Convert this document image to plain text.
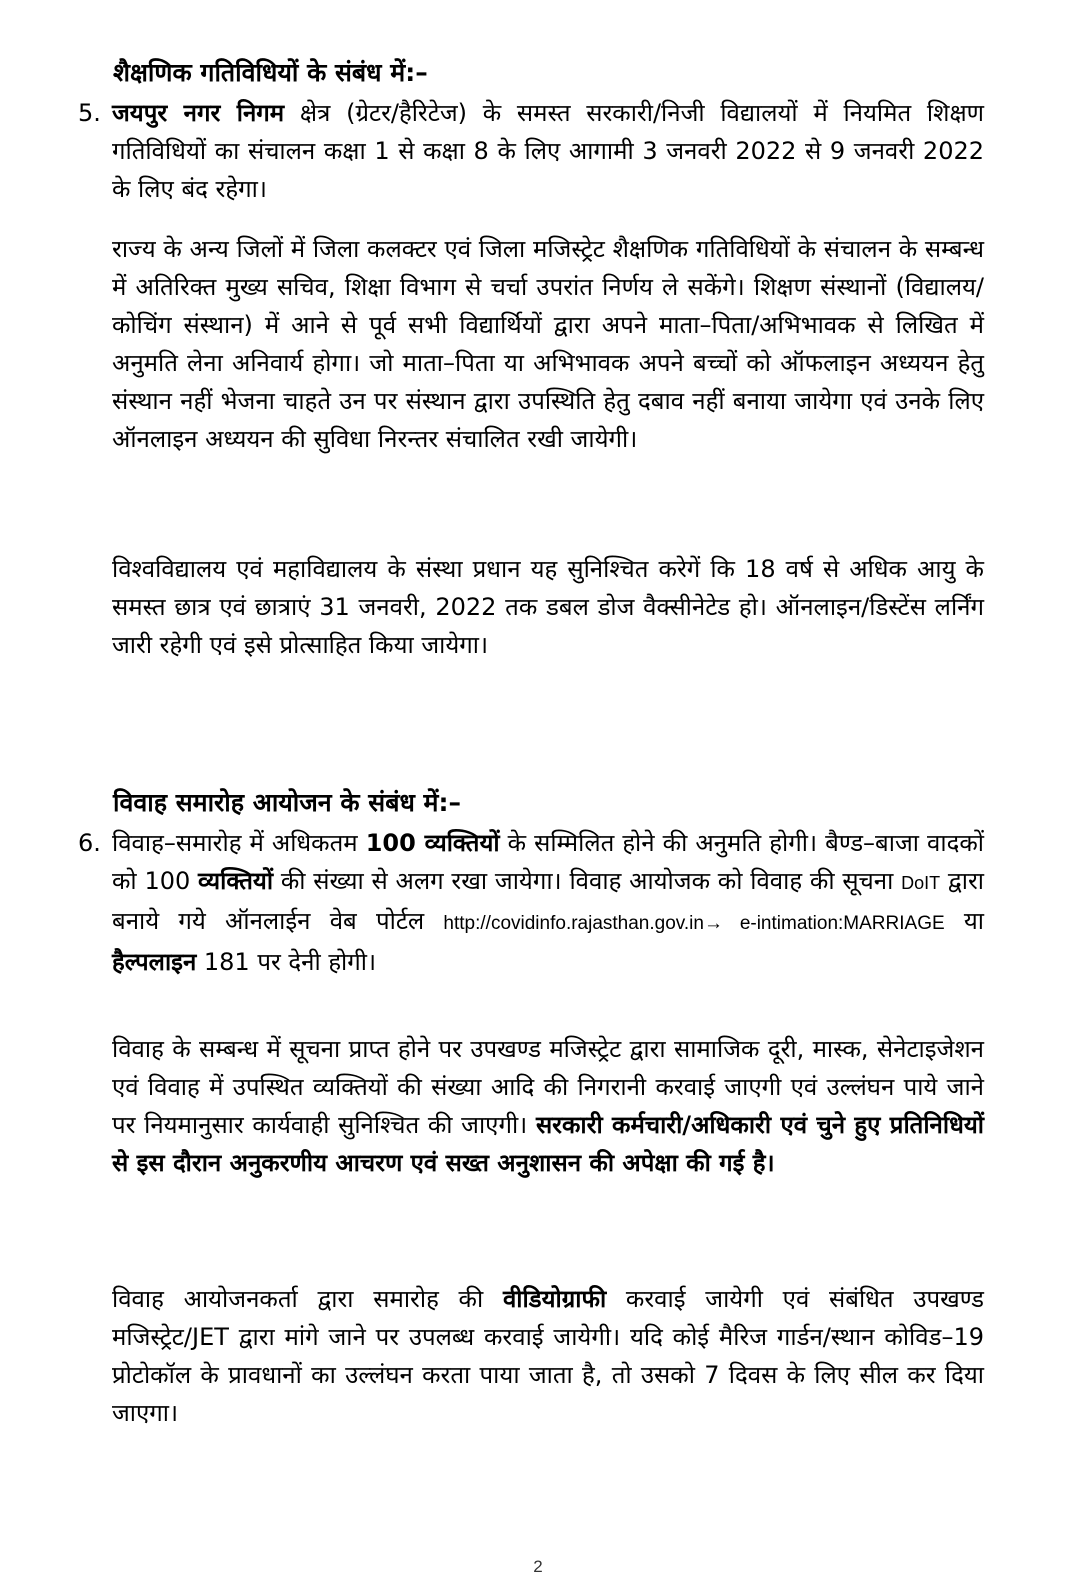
शैक्षणिक गतिविधियों के संबंध में:–
5. जयपुर नगर निगम क्षेत्र (ग्रेटर/हैरिटेज) के समस्त सरकारी/निजी विद्यालयों में नियमित शिक्षण गतिविधियों का संचालन कक्षा 1 से कक्षा 8 के लिए आगामी 3 जनवरी 2022 से 9 जनवरी 2022 के लिए बंद रहेगा।

राज्य के अन्य जिलों में जिला कलक्टर एवं जिला मजिस्ट्रेट शैक्षणिक गतिविधियों के संचालन के सम्बन्ध में अतिरिक्त मुख्य सचिव, शिक्षा विभाग से चर्चा उपरांत निर्णय ले सकेंगे। शिक्षण संस्थानों (विद्यालय/कोचिंग संस्थान) में आने से पूर्व सभी विद्यार्थियों द्वारा अपने माता–पिता/अभिभावक से लिखित में अनुमति लेना अनिवार्य होगा। जो माता–पिता या अभिभावक अपने बच्चों को ऑफलाइन अध्ययन हेतु संस्थान नहीं भेजना चाहते उन पर संस्थान द्वारा उपस्थिति हेतु दबाव नहीं बनाया जायेगा एवं उनके लिए ऑनलाइन अध्ययन की सुविधा निरन्तर संचालित रखी जायेगी।

विश्वविद्यालय एवं महाविद्यालय के संस्था प्रधान यह सुनिश्चित करेगें कि 18 वर्ष से अधिक आयु के समस्त छात्र एवं छात्राएं 31 जनवरी, 2022 तक डबल डोज वैक्सीनेटेड हो। ऑनलाइन/डिस्टेंस लर्निंग जारी रहेगी एवं इसे प्रोत्साहित किया जायेगा।

विवाह समारोह आयोजन के संबंध में:–
6. विवाह–समारोह में अधिकतम 100 व्यक्तियों के सम्मिलित होने की अनुमति होगी। बैण्ड–बाजा वादकों को 100 व्यक्तियों की संख्या से अलग रखा जायेगा। विवाह आयोजक को विवाह की सूचना DoIT द्वारा बनाये गये ऑनलाईन वेब पोर्टल http://covidinfo.rajasthan.gov.in→ e-intimation:MARRIAGE या हैल्पलाइन 181 पर देनी होगी।

विवाह के सम्बन्ध में सूचना प्राप्त होने पर उपखण्ड मजिस्ट्रेट द्वारा सामाजिक दूरी, मास्क, सेनेटाइजेशन एवं विवाह में उपस्थित व्यक्तियों की संख्या आदि की निगरानी करवाई जाएगी एवं उल्लंघन पाये जाने पर नियमानुसार कार्यवाही सुनिश्चित की जाएगी। सरकारी कर्मचारी/अधिकारी एवं चुने हुए प्रतिनिधियों से इस दौरान अनुकरणीय आचरण एवं सख्त अनुशासन की अपेक्षा की गई है।

विवाह आयोजनकर्ता द्वारा समारोह की वीडियोग्राफी करवाई जायेगी एवं संबंधित उपखण्ड मजिस्ट्रेट/JET द्वारा मांगे जाने पर उपलब्ध करवाई जायेगी। यदि कोई मैरिज गार्डन/स्थान कोविड–19 प्रोटोकॉल के प्रावधानों का उल्लंघन करता पाया जाता है, तो उसको 7 दिवस के लिए सील कर दिया जाएगा।

2
